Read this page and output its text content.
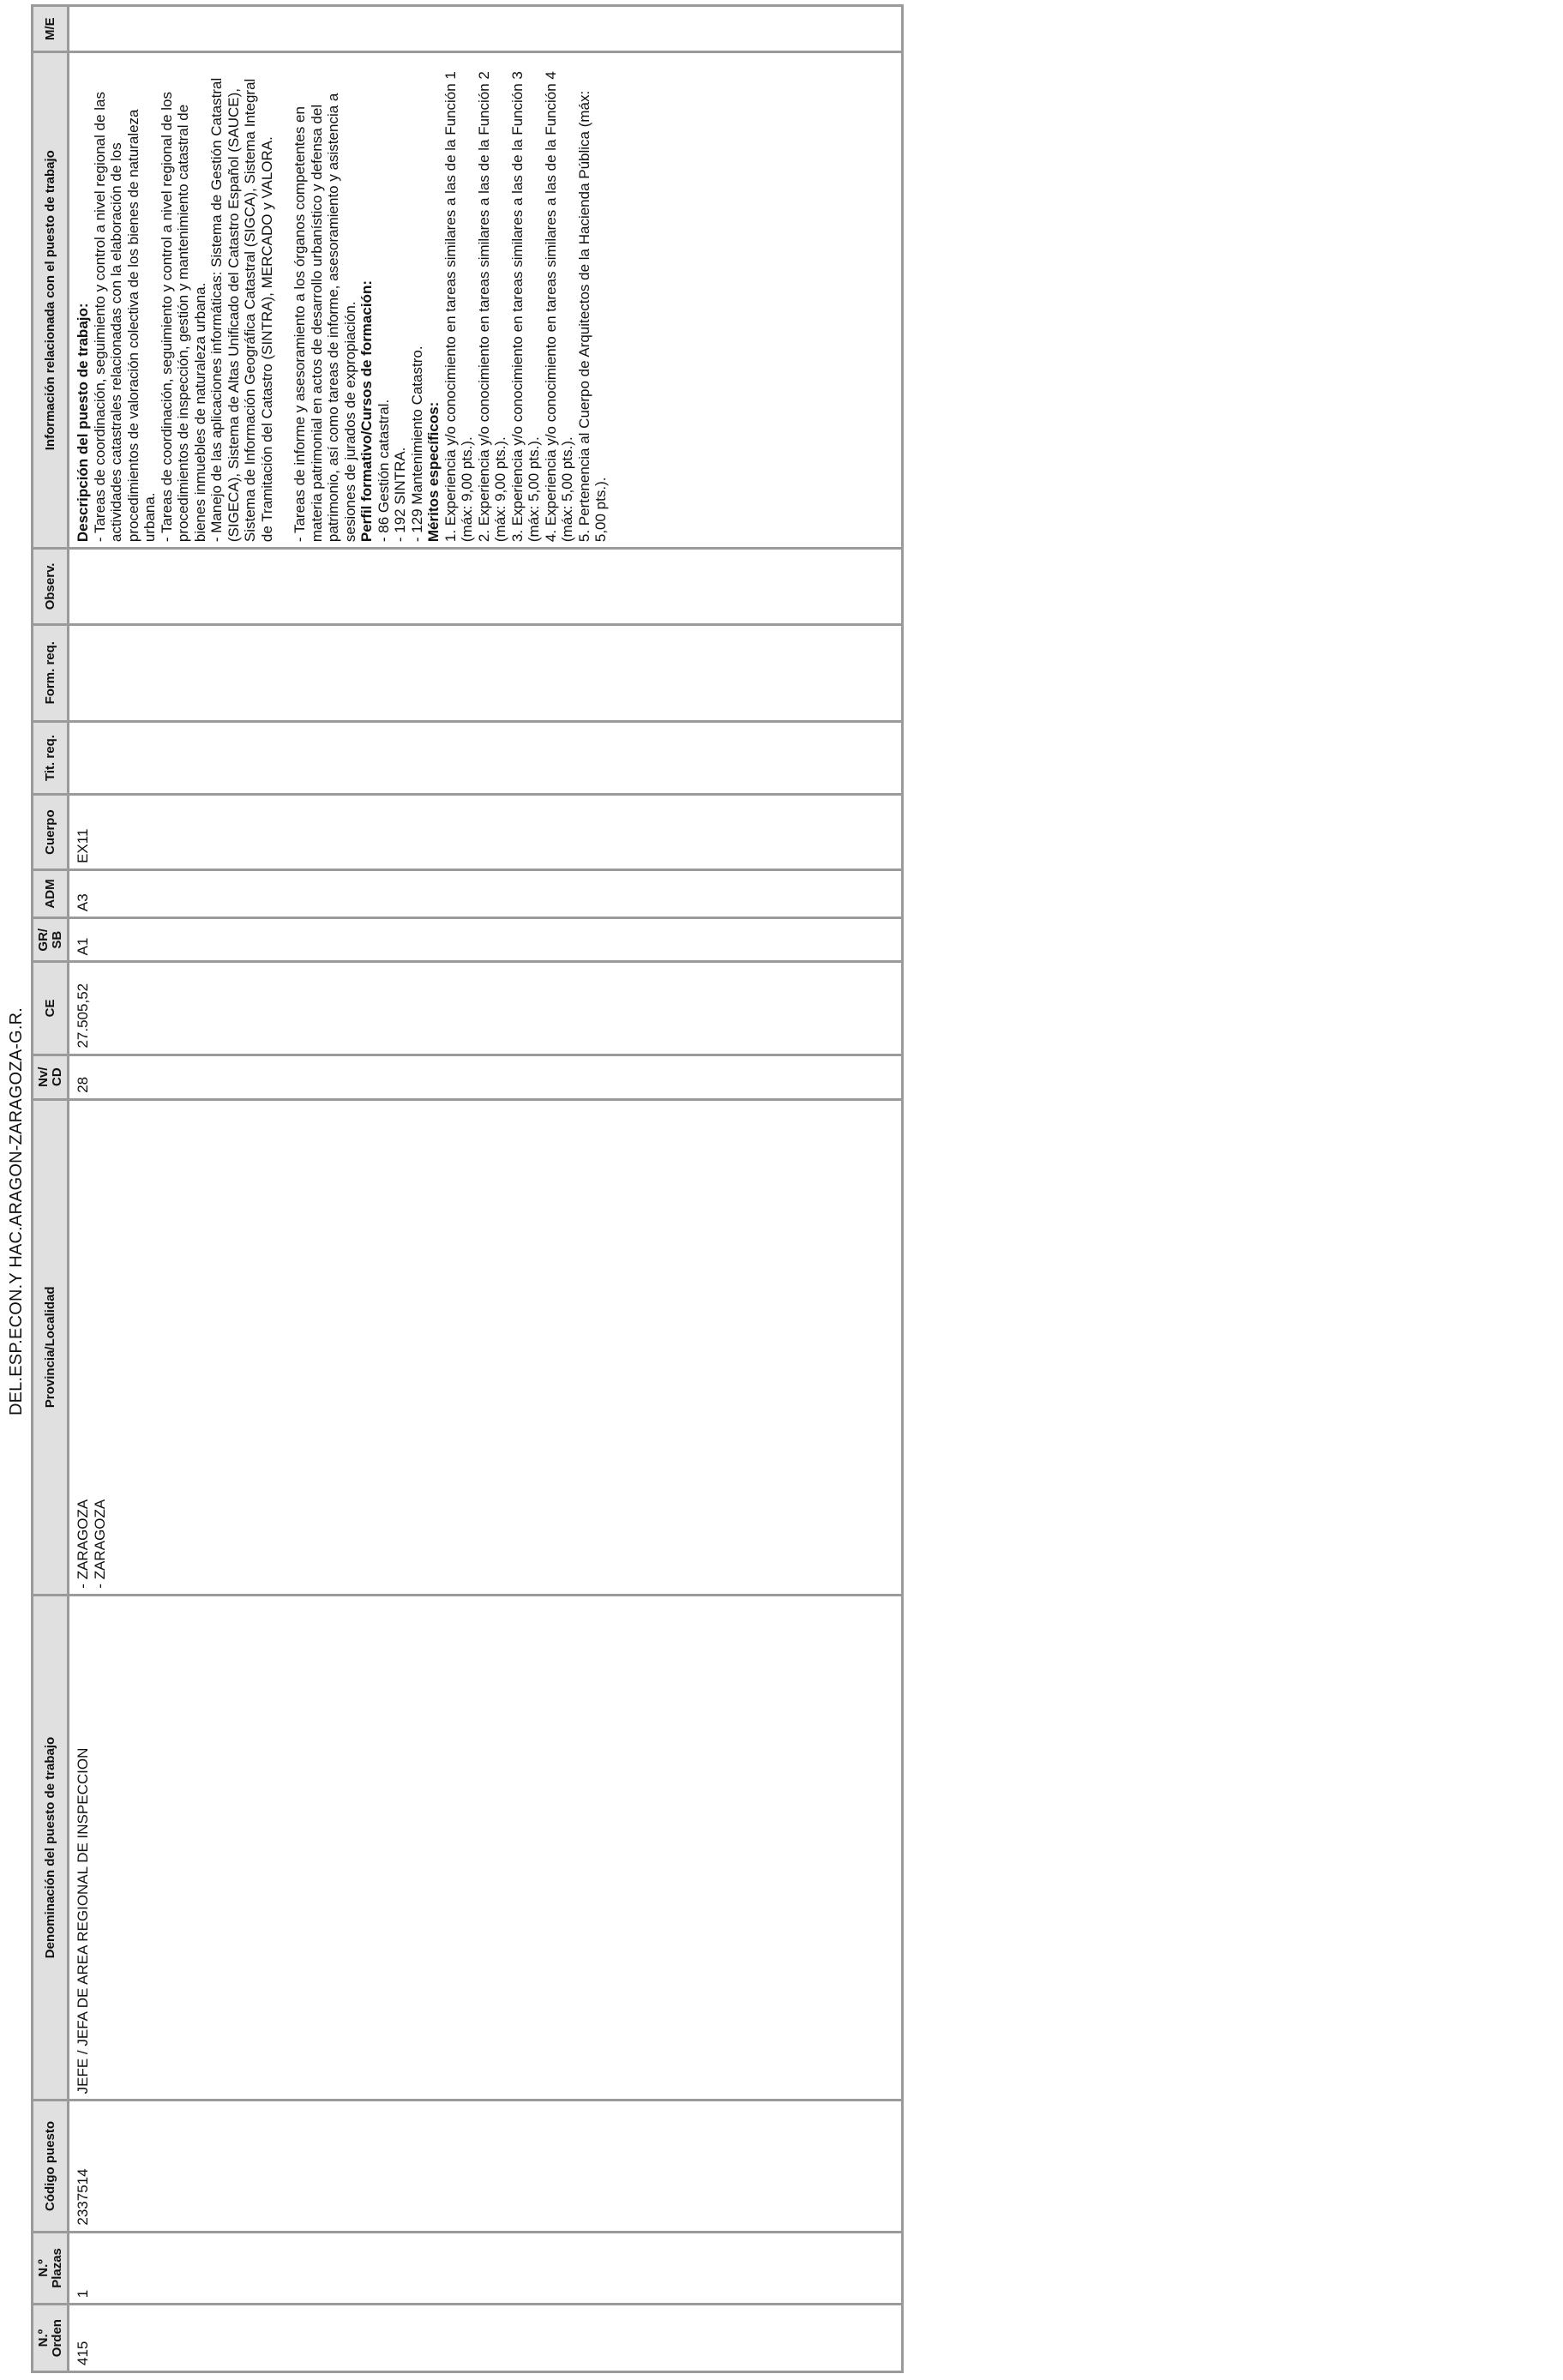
DEL.ESP.ECON.Y HAC.ARAGON-ZARAGOZA-G.R.
N.º Orden
N.º Plazas
Código puesto
Denominación del puesto de trabajo
Provincia/Localidad
Nv/ CD
CE
GR/ SB
ADM
Cuerpo
Tit. req.
Form. req.
Observ.
Información relacionada con el puesto de trabajo
M/E
415
1
2337514
JEFE / JEFA DE AREA REGIONAL DE INSPECCION
- ZARAGOZA - ZARAGOZA
28
27.505,52
A1
A3
EX11

Descripción del puesto de trabajo: - Tareas de coordinación, seguimiento y control a nivel regional de las actividades catastrales relacionadas con la elaboración de los procedimientos de valoración colectiva de los bienes de naturaleza urbana. - Tareas de coordinación, seguimiento y control a nivel regional de los procedimientos de inspección, gestión y mantenimiento catastral de bienes inmuebles de naturaleza urbana. - Manejo de las aplicaciones informáticas: Sistema de Gestión Catastral (SIGECA), Sistema de Altas Unificado del Catastro Español (SAUCE), Sistema de Información Geográfica Catastral (SIGCA), Sistema Integral de Tramitación del Catastro (SINTRA), MERCADO y VALORA. - Tareas de informe y asesoramiento a los órganos competentes en materia patrimonial en actos de desarrollo urbanístico y defensa del patrimonio, así como tareas de informe, asesoramiento y asistencia a sesiones de jurados de expropiación. Perfil formativo/Cursos de formación: - 86 Gestión catastral. - 192 SINTRA. - 129 Mantenimiento Catastro. Méritos específicos: 1. Experiencia y/o conocimiento en tareas similares a las de la Función 1 (máx: 9,00 pts.). 2. Experiencia y/o conocimiento en tareas similares a las de la Función 2 (máx: 9,00 pts.). 3. Experiencia y/o conocimiento en tareas similares a las de la Función 3 (máx: 5,00 pts.). 4. Experiencia y/o conocimiento en tareas similares a las de la Función 4 (máx: 5,00 pts.). 5. Pertenencia al Cuerpo de Arquitectos de la Hacienda Pública (máx: 5,00 pts.).
